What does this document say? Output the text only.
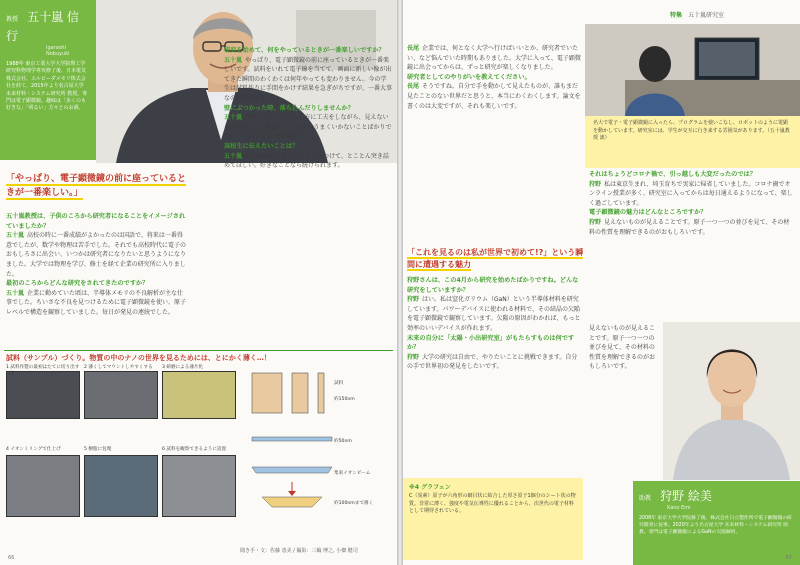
教授 五十嵐 信行
Igarashi Nobuyuki
1988年 東京工業大学大学院理工学研究科物理学専攻修了後、日本電気株式会社、エルピーダメモリ株式会社を経て、2015年より名古屋大学 未来材料・システム研究所 教授。専門は電子顕微鏡。趣味は「歩くのも好きな」「明るい」方々とのお酒。
「やっぱり、電子顕微鏡の前に座っているときが一番楽しい。」

五十嵐教授は、子供のころから研究者になることをイメージされていましたか？

五十嵐 高校の時に一番成績がよかったのは国語で、将来は一番得意でしたが、数学や物理は苦手でした。それでも高校時代に電子のおもしろさに出会い、いつかは研究者になりたいと思うようになりました。大学では物理を学び、修士を経て企業の研究所に入りました。

最初のころからどんな研究をされてきたのですか？

五十嵐 企業に勤めていた頃は、半導体メモリの不良解析が主な仕事でした。ちいさな不良を見つけるために電子顕微鏡を使い、原子レベルで構造を観察していました。毎日が発見の連続でした。

研究を始めて、何をやっているときが一番楽しいですか？

五十嵐 やっぱり、電子顕微鏡の前に座っているときが一番楽しいです。試料をいれて電子線を当てて、画面に新しい像が出てきた瞬間のわくわくは何年やっても変わりません。今の学生は試料作りに手間をかけず結果を急ぎがちですが、一番大事なのは準備です。

壁にぶつかった時、落ち込んだりしませんか？

五十嵐 今は、サンプルの出し方に工夫をしながら、見えないものを見ようと格闘しています。うまくいかないことばかりですが、それも研究の醍醐味です。

高校生に伝えたいことは？

五十嵐 何かの分野に好きなことを見つけて、とことん突き詰めてほしい。好きなことなら続けられます。

試料（サンプル）づくり。物質の中のナノの世界を見るためには、とにかく薄く…！
1 試料作製の最初はたてに切り出すこと
2 薄くしてマウントしやすくする	3 研磨による薄片化
4 イオンミリングで仕上げ	5 樹脂に包埋	6 試料を観察できるように設置
試料
約150nm
約50nm
集束イオンビーム
約100nmまで薄く
聞き手・文：佐藤 恵美 / 撮影：三輪 博之, 小畑 健司
66
特集 五十嵐研究室

長尾 企業では、何となく大学へ行けばいいとか、研究者でいたい、など悩んでいた時期もありました。大学に入って、電子顕微鏡に出会ってからは、ずっと研究が楽しくなりました。

研究者としてのやりがいを教えてください。

長尾 そうですね。自分で手を動かして見えたものが、誰もまだ見たことのない世界だと思うと、本当にわくわくします。論文を書くのは大変ですが、それも楽しいです。

「これを見るのは私が世界で初めて!?」という瞬間に遭遇する魅力

狩野さんは、この4月から研究を始めたばかりですね。どんな研究をしていますか？

狩野 はい。私は窒化ガリウム（GaN）という半導体材料を研究しています。パワーデバイスに使われる材料で、その結晶の欠陥を電子顕微鏡で観察しています。欠陥の原因がわかれば、もっと効率のいいデバイスが作れます。

未来の自分に「太陽・小出研究室」がもたらすものは何ですか？

狩野 大学の研究は自由で、やりたいことに挑戦できます。自分の手で世界初の発見をしたいです。

名大で電子・電子顕微鏡に入ったら、プログラムを使いこなし、ロボットのように電顕を動かしています。研究室には、学生が交互に行き来する雰囲気があります。（五十嵐教授 談）

それはちょうどコロナ禍で、引っ越しも大変だったのでは？

狩野 私は東京生まれ、埼玉育ちで実家に帰省していました。コロナ禍でオンライン授業が多く、研究室に入ってからは毎日通えるようになって、楽しく過ごしています。

電子顕微鏡の魅力はどんなところですか？

狩野 見えないものが見えることです。原子一つ一つの並びを見て、その材料の性質を理解できるのがおもしろいです。

見えないものが見えることです。原子一つ一つの並びを見て、その材料の性質を理解できるのがおもしろいです。

※4 グラフェン
C（炭素）原子が六角形の網目状に結合した厚さ原子1個分のシート状の物質。非常に薄く、強度や電気伝導性に優れることから、次世代の電子材料として期待されている。
助教 狩野 絵美
Kano Emi
2008年 東京大学大学院修了後、株式会社日立製作所で電子顕微鏡の研究開発に従事。2020年より名古屋大学 未来材料・システム研究所 助教。専門は電子顕微鏡によるGaNの欠陥解析。
67
